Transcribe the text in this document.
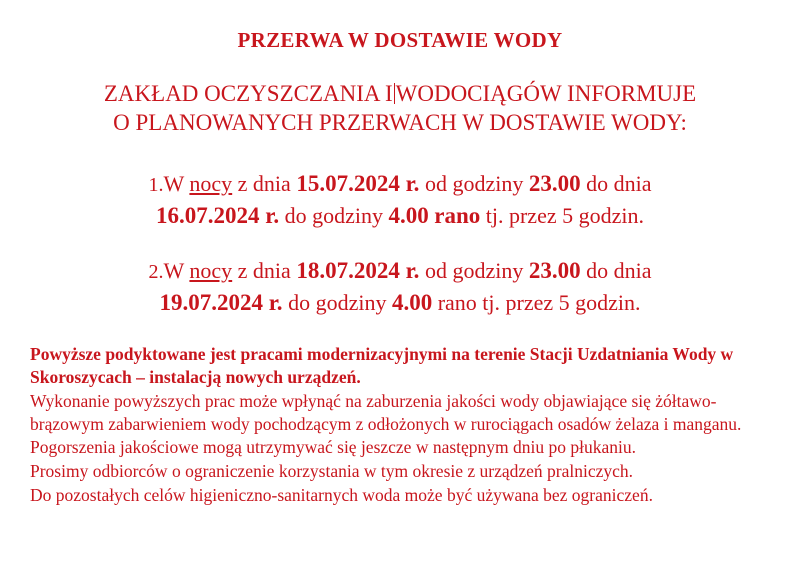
PRZERWA W DOSTAWIE WODY
ZAKŁAD OCZYSZCZANIA I WODOCIĄGÓW INFORMUJE
O PLANOWANYCH PRZERWACH W DOSTAWIE WODY:
1.W nocy z dnia 15.07.2024 r. od godziny 23.00 do dnia
16.07.2024 r. do godziny 4.00 rano tj. przez 5 godzin.
2.W nocy z dnia 18.07.2024 r. od godziny 23.00 do dnia
19.07.2024 r. do godziny 4.00 rano tj. przez 5 godzin.

Powyższe podyktowane jest pracami modernizacyjnymi na terenie Stacji Uzdatniania Wody w Skoroszycach – instalacją nowych urządzeń.

Wykonanie powyższych prac może wpłynąć na zaburzenia jakości wody objawiające się żółtawo-brązowym zabarwieniem wody pochodzącym z odłożonych w rurociągach osadów żelaza i manganu. Pogorszenia jakościowe mogą utrzymywać się jeszcze w następnym dniu po płukaniu.

Prosimy odbiorców o ograniczenie korzystania w tym okresie z urządzeń pralniczych.

Do pozostałych celów higieniczno-sanitarnych woda może być używana bez ograniczeń.
